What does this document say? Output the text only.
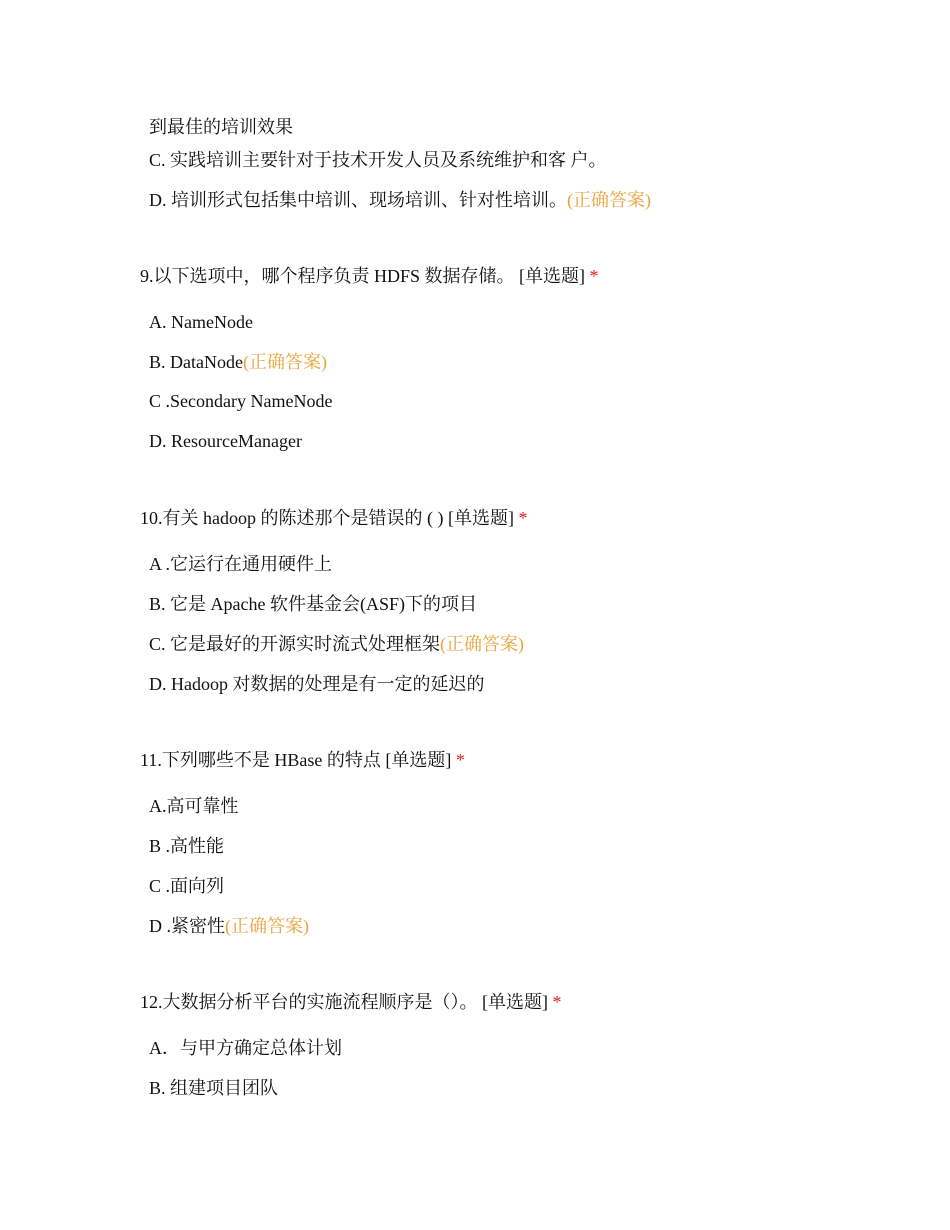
到最佳的培训效果
C. 实践培训主要针对于技术开发人员及系统维护和客 户。
D. 培训形式包括集中培训、现场培训、针对性培训。(正确答案)
9.以下选项中，哪个程序负责 HDFS 数据存储。 [单选题] *
A. NameNode
B. DataNode(正确答案)
C .Secondary NameNode
D. ResourceManager
10.有关 hadoop 的陈述那个是错误的 ( ) [单选题] *
A .它运行在通用硬件上
B. 它是 Apache 软件基金会(ASF)下的项目
C. 它是最好的开源实时流式处理框架(正确答案)
D. Hadoop 对数据的处理是有一定的延迟的
11.下列哪些不是 HBase 的特点 [单选题] *
A.高可靠性
B .高性能
C .面向列
D .紧密性(正确答案)
12.大数据分析平台的实施流程顺序是（）。 [单选题] *
A．与甲方确定总体计划
B. 组建项目团队
